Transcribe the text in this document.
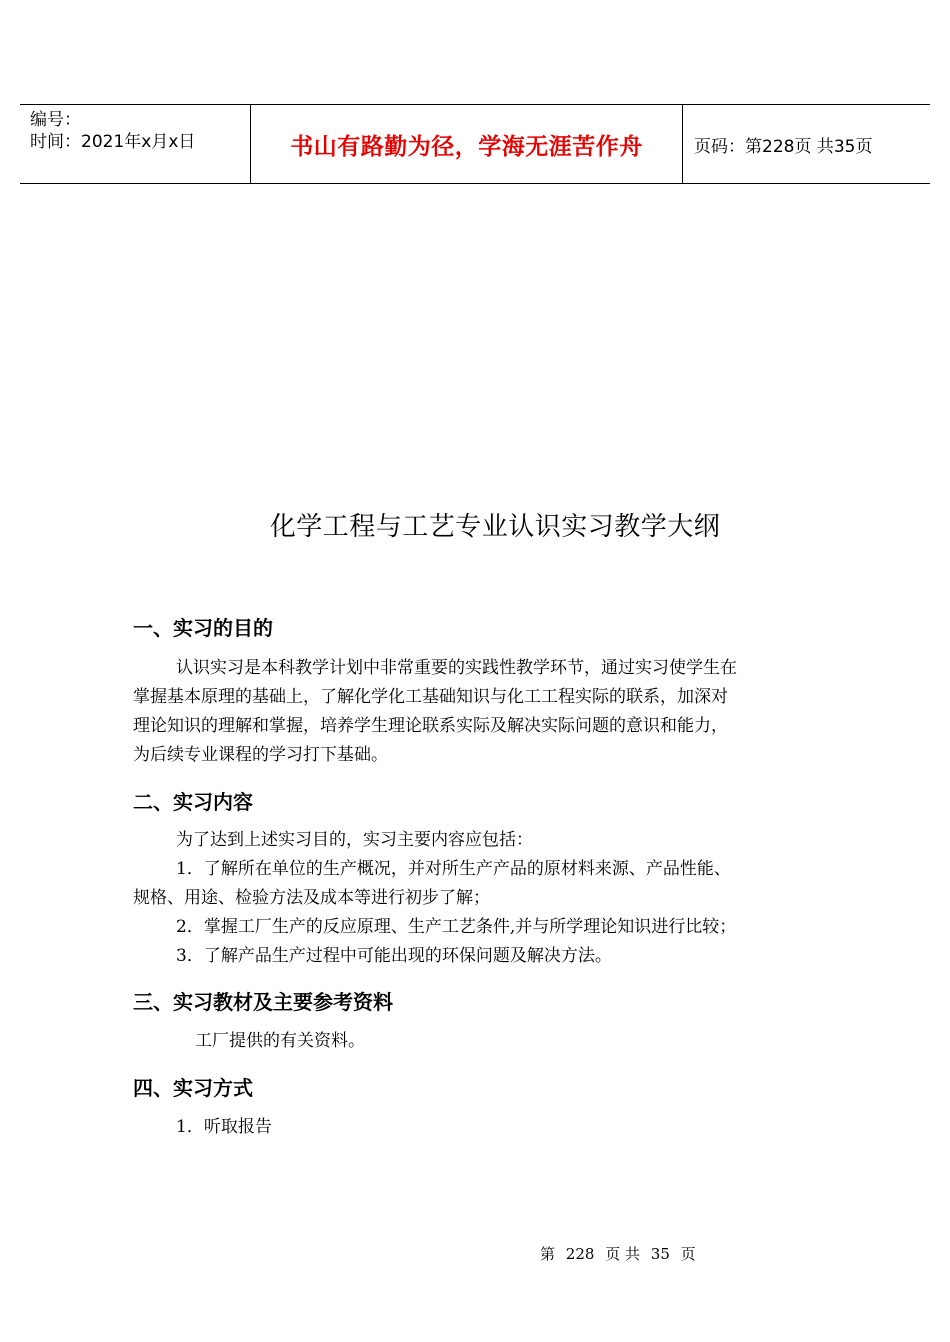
编号：
时间：2021年x月x日	书山有路勤为径，学海无涯苦作舟	页码：第228页 共35页
化学工程与工艺专业认识实习教学大纲
一、实习的目的

认识实习是本科教学计划中非常重要的实践性教学环节，通过实习使学生在

掌握基本原理的基础上，了解化学化工基础知识与化工工程实际的联系，加深对

理论知识的理解和掌握，培养学生理论联系实际及解决实际问题的意识和能力，

为后续专业课程的学习打下基础。

二、实习内容

为了达到上述实习目的，实习主要内容应包括：

1．了解所在单位的生产概况，并对所生产产品的原材料来源、产品性能、

规格、用途、检验方法及成本等进行初步了解；

2．掌握工厂生产的反应原理、生产工艺条件,并与所学理论知识进行比较；

3．了解产品生产过程中可能出现的环保问题及解决方法。

三、实习教材及主要参考资料

工厂提供的有关资料。

四、实习方式

1．听取报告

第 228 页 共 35 页
